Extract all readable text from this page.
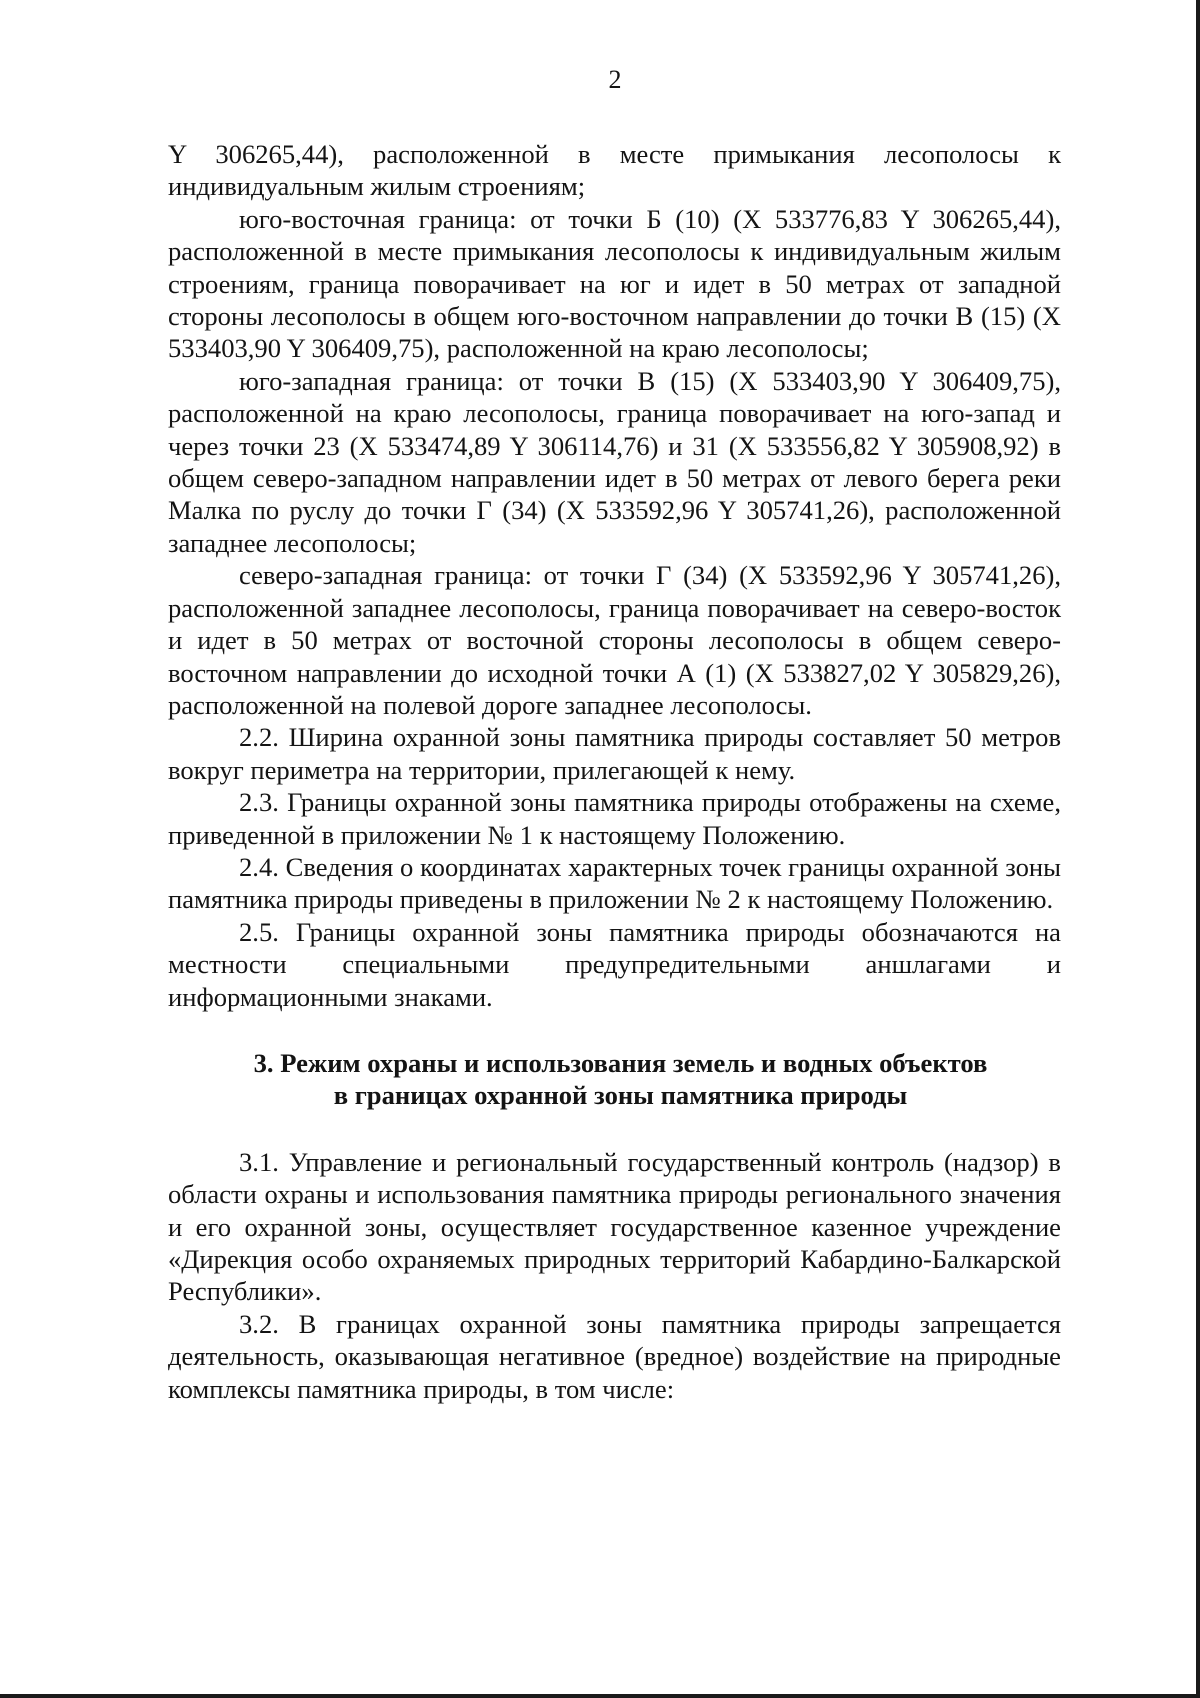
2

Y 306265,44), расположенной в месте примыкания лесополосы к индивидуальным жилым строениям;

юго-восточная граница: от точки Б (10) (X 533776,83 Y 306265,44), расположенной в месте примыкания лесополосы к индивидуальным жилым строениям, граница поворачивает на юг и идет в 50 метрах от западной стороны лесополосы в общем юго-восточном направлении до точки В (15) (X 533403,90 Y 306409,75), расположенной на краю лесополосы;

юго-западная граница: от точки В (15) (X 533403,90 Y 306409,75), расположенной на краю лесополосы, граница поворачивает на юго-запад и через точки 23 (X 533474,89 Y 306114,76) и 31 (X 533556,82 Y 305908,92) в общем северо-западном направлении идет в 50 метрах от левого берега реки Малка по руслу до точки Г (34) (X 533592,96 Y 305741,26), расположенной западнее лесополосы;

северо-западная граница: от точки Г (34) (X 533592,96 Y 305741,26), расположенной западнее лесополосы, граница поворачивает на северо-восток и идет в 50 метрах от восточной стороны лесополосы в общем северо-восточном направлении до исходной точки А (1) (X 533827,02 Y 305829,26), расположенной на полевой дороге западнее лесополосы.

2.2. Ширина охранной зоны памятника природы составляет 50 метров вокруг периметра на территории, прилегающей к нему.

2.3. Границы охранной зоны памятника природы отображены на схеме, приведенной в приложении № 1 к настоящему Положению.

2.4. Сведения о координатах характерных точек границы охранной зоны памятника природы приведены в приложении № 2 к настоящему Положению.

2.5. Границы охранной зоны памятника природы обозначаются на местности специальными предупредительными аншлагами и информационными знаками.

3. Режим охраны и использования земель и водных объектов
в границах охранной зоны памятника природы

3.1. Управление и региональный государственный контроль (надзор) в области охраны и использования памятника природы регионального значения и его охранной зоны, осуществляет государственное казенное учреждение «Дирекция особо охраняемых природных территорий Кабардино-Балкарской Республики».

3.2. В границах охранной зоны памятника природы запрещается деятельность, оказывающая негативное (вредное) воздействие на природные комплексы памятника природы, в том числе:
